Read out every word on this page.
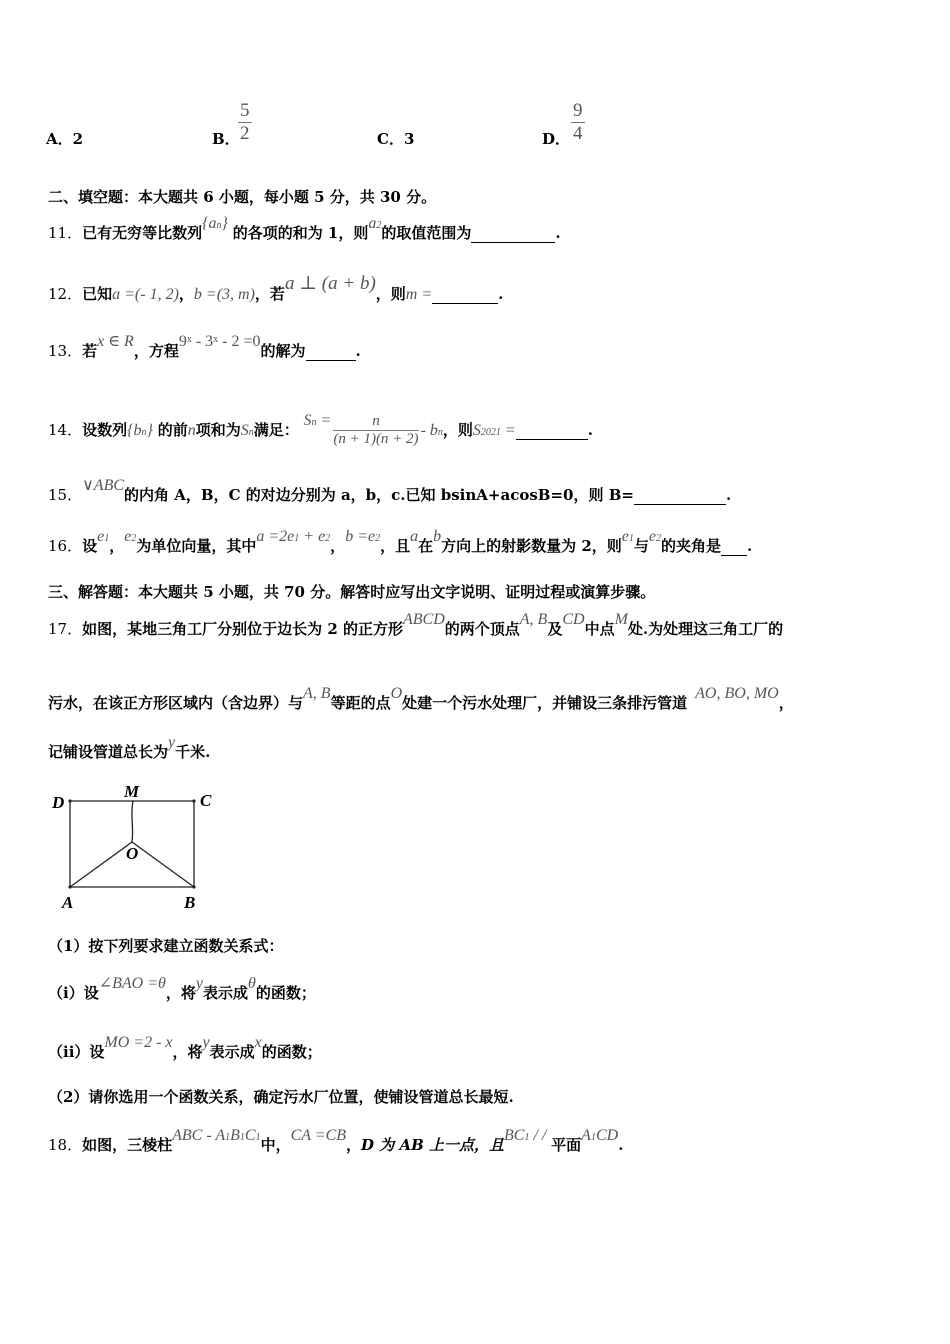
A．2	B．
$\frac{5}{2}$	C．3	D． $\frac{9}{4}$
二、填空题：本大题共 6 小题，每小题 5 分，共 30 分。
11．已有无穷等比数列{an} 的各项的和为 1，则a2的取值范围为	.
12．已知a =(- 1, 2)，b =(3, m)，若a ⊥ (a + b)，则m =	.
13．若x ∈ R，方程9$^x$ - 3$^x$ - 2 =0的解为	.
14．设数列{bn} 的前n项和为Sn满足： $Sn = \frac{n}{(n + 1)(n + 2)}$ - bn，则S2021 =	.
15．∨ABC的内角 A，B，C 的对边分别为 a，b，c.已知 bsinA+acosB=0，则 B=	.
16．设e1，e2为单位向量，其中a =2e1 + e2，b =e2，且a在b方向上的射影数量为 2，则e1与e2的夹角是 .
三、解答题：本大题共 5 小题，共 70 分。解答时应写出文字说明、证明过程或演算步骤。
17．如图，某地三角工厂分别位于边长为 2 的正方形ABCD的两个顶点A, B及CD中点M处.为处理这三角工厂的
污水，在该正方形区域内（含边界）与A, B等距的点O处建一个污水处理厂，并铺设三条排污管道AO, BO, MO，
记铺设管道总长为y千米.
D
M	C
O
A	B
（1）按下列要求建立函数关系式：
（i）设∠BAO =θ，将y表示成θ的函数；
（ii）设MO =2 - x，将y表示成x的函数；
（2）请你选用一个函数关系，确定污水厂位置，使铺设管道总长最短.
18．如图，三棱柱ABC - A1B1C1中，CA =CB，D 为 AB 上一点，且BC1 / / 平面A1CD.
